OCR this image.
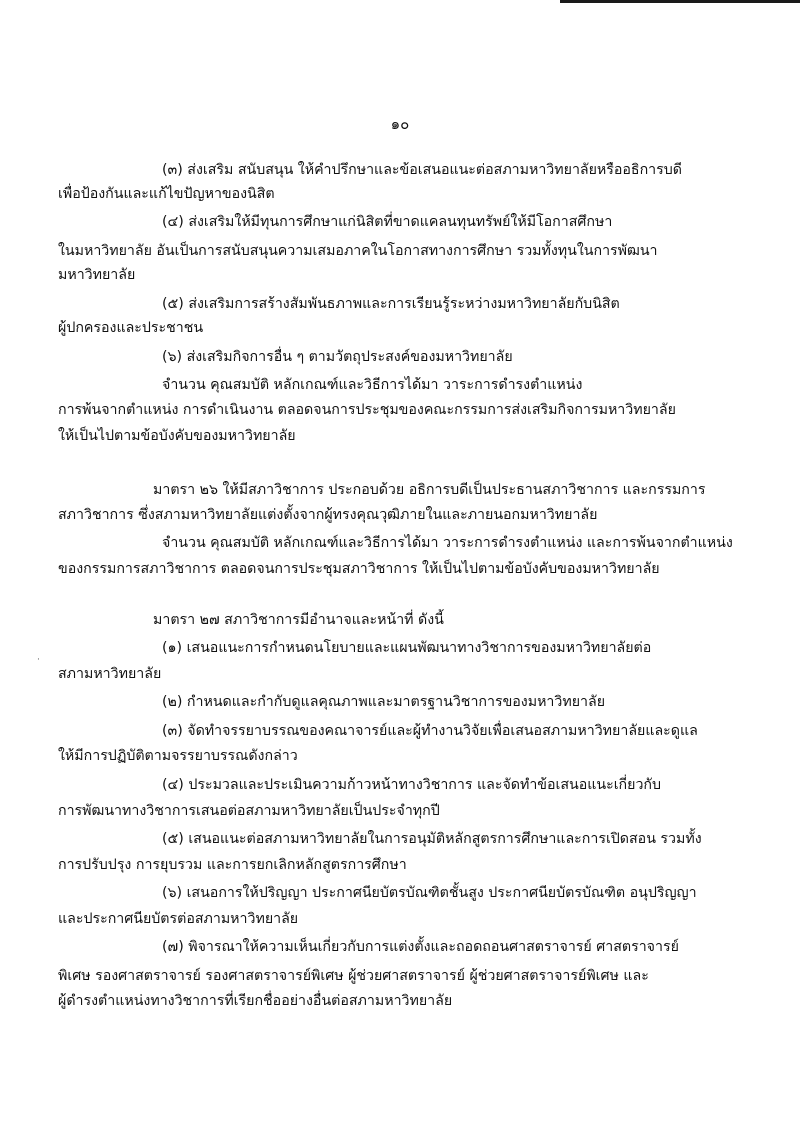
·
๑๐

(๓) ส่งเสริม สนับสนุน ให้คำปรึกษาและข้อเสนอแนะต่อสภามหาวิทยาลัยหรืออธิการบดี

เพื่อป้องกันและแก้ไขปัญหาของนิสิต

(๔) ส่งเสริมให้มีทุนการศึกษาแก่นิสิตที่ขาดแคลนทุนทรัพย์ให้มีโอกาสศึกษา

ในมหาวิทยาลัย อันเป็นการสนับสนุนความเสมอภาคในโอกาสทางการศึกษา รวมทั้งทุนในการพัฒนา

มหาวิทยาลัย

(๕) ส่งเสริมการสร้างสัมพันธภาพและการเรียนรู้ระหว่างมหาวิทยาลัยกับนิสิต

ผู้ปกครองและประชาชน

(๖) ส่งเสริมกิจการอื่น ๆ ตามวัตถุประสงค์ของมหาวิทยาลัย

จำนวน คุณสมบัติ หลักเกณฑ์และวิธีการได้มา วาระการดำรงตำแหน่ง

การพ้นจากตำแหน่ง การดำเนินงาน ตลอดจนการประชุมของคณะกรรมการส่งเสริมกิจการมหาวิทยาลัย

ให้เป็นไปตามข้อบังคับของมหาวิทยาลัย

มาตรา ๒๖ ให้มีสภาวิชาการ ประกอบด้วย อธิการบดีเป็นประธานสภาวิชาการ และกรรมการ

สภาวิชาการ ซึ่งสภามหาวิทยาลัยแต่งตั้งจากผู้ทรงคุณวุฒิภายในและภายนอกมหาวิทยาลัย

จำนวน คุณสมบัติ หลักเกณฑ์และวิธีการได้มา วาระการดำรงตำแหน่ง และการพ้นจากตำแหน่ง

ของกรรมการสภาวิชาการ ตลอดจนการประชุมสภาวิชาการ ให้เป็นไปตามข้อบังคับของมหาวิทยาลัย

มาตรา ๒๗ สภาวิชาการมีอำนาจและหน้าที่ ดังนี้

(๑) เสนอแนะการกำหนดนโยบายและแผนพัฒนาทางวิชาการของมหาวิทยาลัยต่อ

สภามหาวิทยาลัย

(๒) กำหนดและกำกับดูแลคุณภาพและมาตรฐานวิชาการของมหาวิทยาลัย

(๓) จัดทำจรรยาบรรณของคณาจารย์และผู้ทำงานวิจัยเพื่อเสนอสภามหาวิทยาลัยและดูแล

ให้มีการปฏิบัติตามจรรยาบรรณดังกล่าว

(๔) ประมวลและประเมินความก้าวหน้าทางวิชาการ และจัดทำข้อเสนอแนะเกี่ยวกับ

การพัฒนาทางวิชาการเสนอต่อสภามหาวิทยาลัยเป็นประจำทุกปี

(๕) เสนอแนะต่อสภามหาวิทยาลัยในการอนุมัติหลักสูตรการศึกษาและการเปิดสอน รวมทั้ง

การปรับปรุง การยุบรวม และการยกเลิกหลักสูตรการศึกษา

(๖) เสนอการให้ปริญญา ประกาศนียบัตรบัณฑิตชั้นสูง ประกาศนียบัตรบัณฑิต อนุปริญญา

และประกาศนียบัตรต่อสภามหาวิทยาลัย

(๗) พิจารณาให้ความเห็นเกี่ยวกับการแต่งตั้งและถอดถอนศาสตราจารย์ ศาสตราจารย์

พิเศษ รองศาสตราจารย์ รองศาสตราจารย์พิเศษ ผู้ช่วยศาสตราจารย์ ผู้ช่วยศาสตราจารย์พิเศษ และ

ผู้ดำรงตำแหน่งทางวิชาการที่เรียกชื่ออย่างอื่นต่อสภามหาวิทยาลัย
